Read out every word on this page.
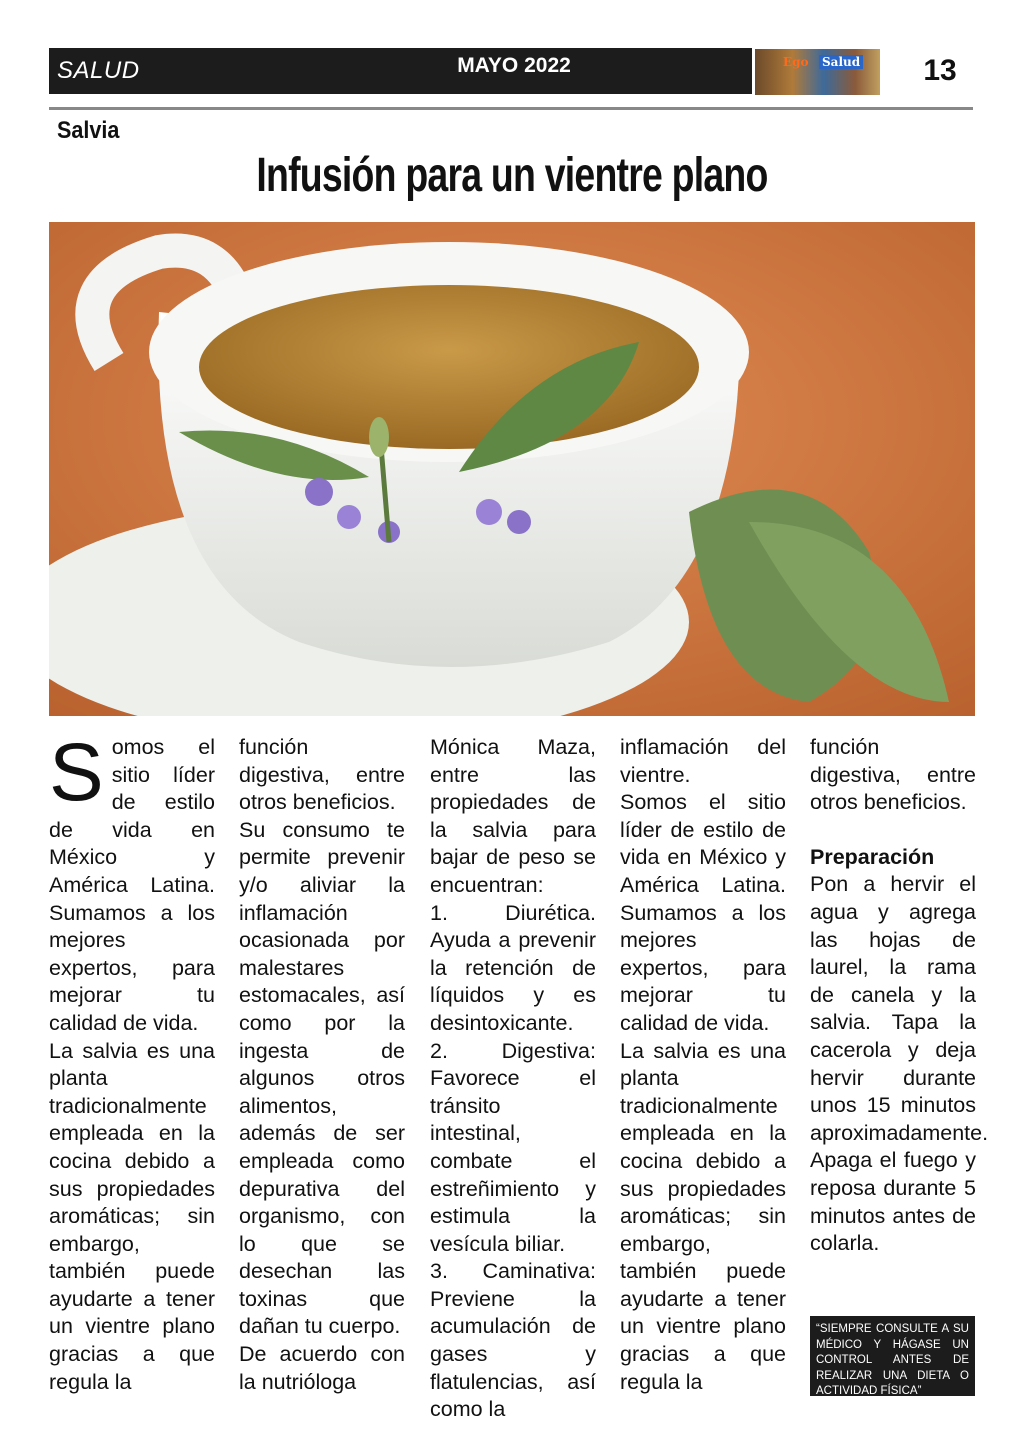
SALUD	MAYO 2022	Ego Salud	13
Salvia
Infusión para un vientre plano

Somos el sitio líder de estilo de vida en México y América Latina. Sumamos a los mejores expertos, para mejorar tu calidad de vida.

La salvia es una planta tradicionalmente empleada en la cocina debido a sus propiedades aromáticas; sin embargo, también puede ayudarte a tener un vientre plano gracias a que regula la

función digestiva, entre otros beneficios.

Su consumo te permite prevenir y/o aliviar la inflamación ocasionada por malestares estomacales, así como por la ingesta de algunos otros alimentos, además de ser empleada como depurativa del organismo, con lo que se desechan las toxinas que dañan tu cuerpo.

De acuerdo con la nutrióloga

Mónica Maza, entre las propiedades de la salvia para bajar de peso se encuentran:

1. Diurética. Ayuda a prevenir la retención de líquidos y es desintoxicante.

2. Digestiva: Favorece el tránsito intestinal, combate el estreñimiento y estimula la vesícula biliar.

3. Caminativa: Previene la acumulación de gases y flatulencias, así como la

inflamación del vientre.

Somos el sitio líder de estilo de vida en México y América Latina. Sumamos a los mejores expertos, para mejorar tu calidad de vida.

La salvia es una planta tradicionalmente empleada en la cocina debido a sus propiedades aromáticas; sin embargo, también puede ayudarte a tener un vientre plano gracias a que regula la

función digestiva, entre otros beneficios.

Preparación

Pon a hervir el agua y agrega las hojas de laurel, la rama de canela y la salvia. Tapa la cacerola y deja hervir durante unos 15 minutos aproximadamente. Apaga el fuego y reposa durante 5 minutos antes de colarla.

“SIEMPRE CONSULTE A SU MÉDICO Y HÁGASE UN CONTROL ANTES DE REALIZAR UNA DIETA O ACTIVIDAD FÍSICA”
